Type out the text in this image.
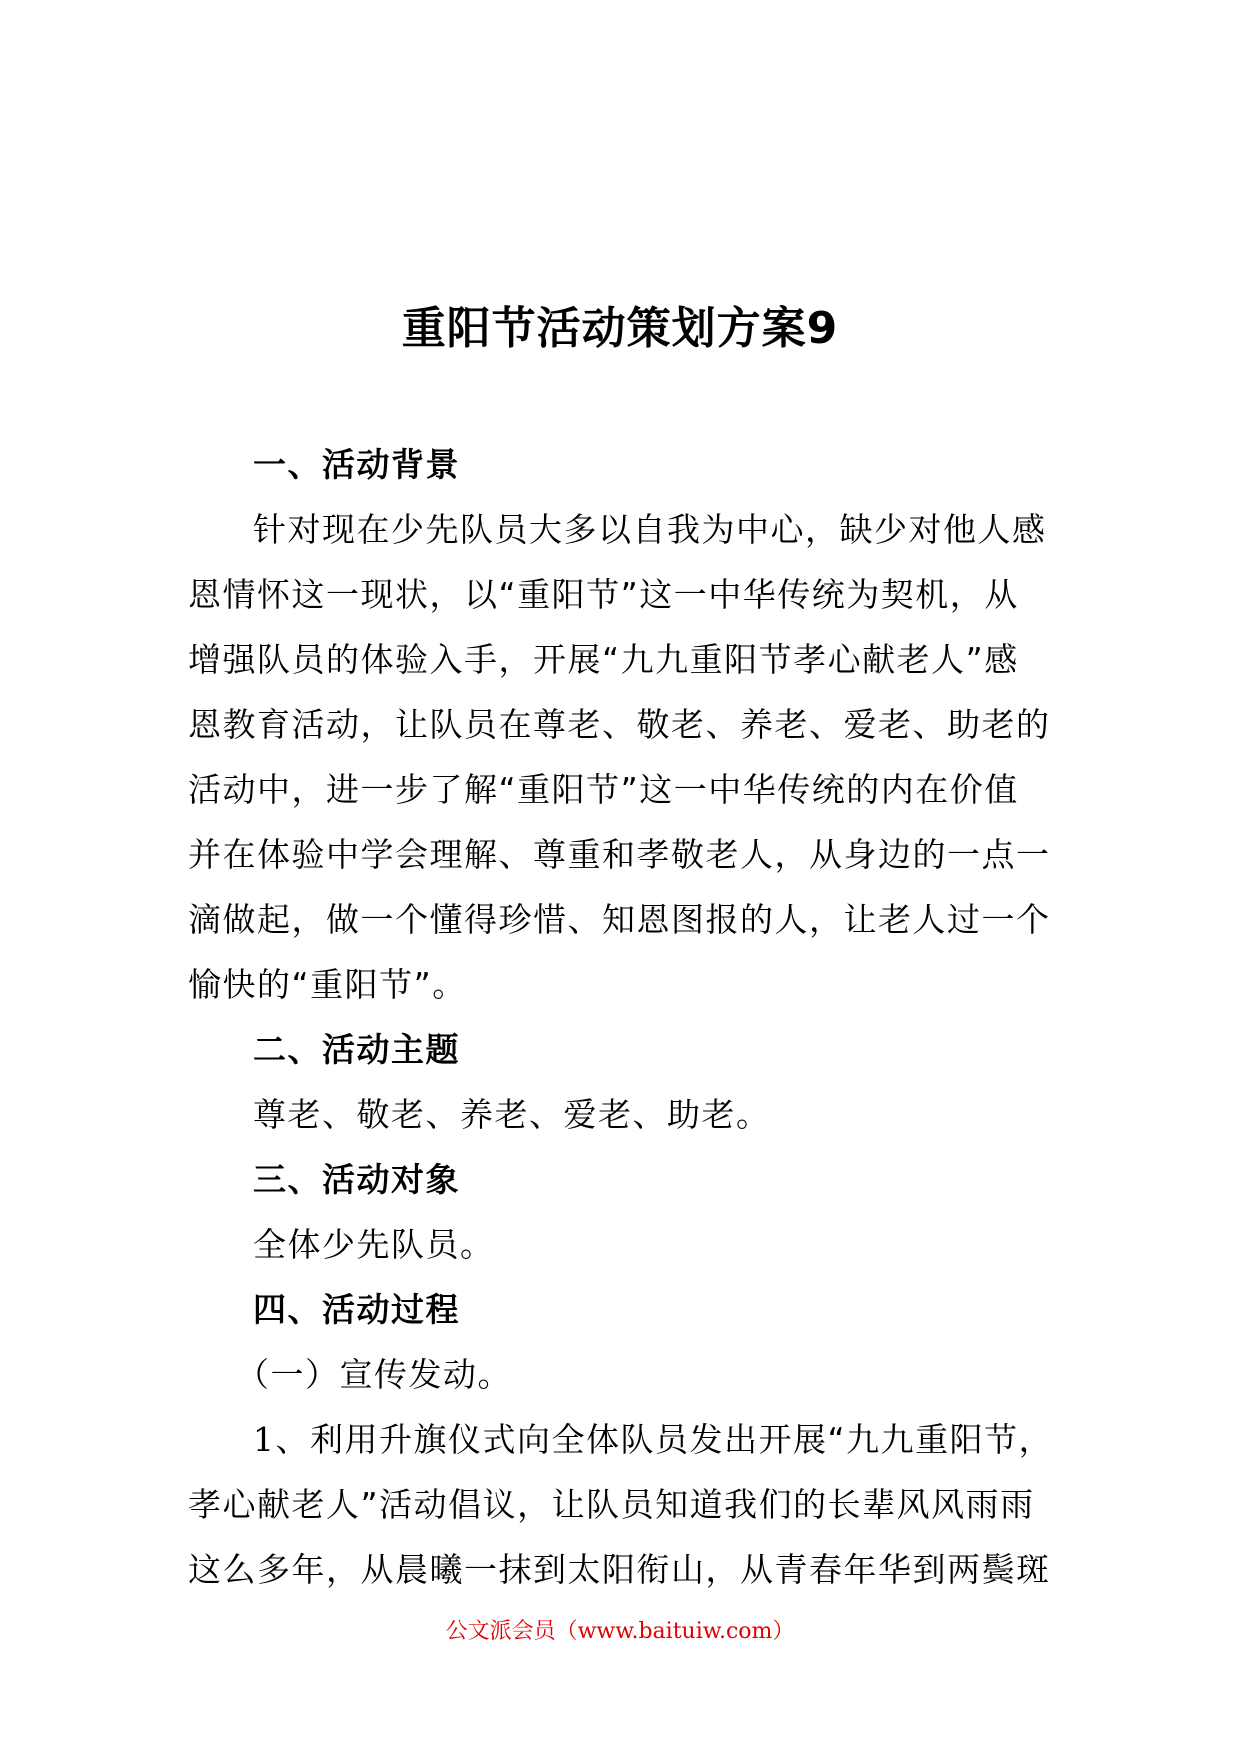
重阳节活动策划方案9
一、活动背景
针对现在少先队员大多以自我为中心，缺少对他人感
恩情怀这一现状，以“重阳节”这一中华传统为契机，从
增强队员的体验入手，开展“九九重阳节孝心献老人”感
恩教育活动，让队员在尊老、敬老、养老、爱老、助老的
活动中，进一步了解“重阳节”这一中华传统的内在价值
并在体验中学会理解、尊重和孝敬老人，从身边的一点一
滴做起，做一个懂得珍惜、知恩图报的人，让老人过一个
愉快的“重阳节”。
二、活动主题
尊老、敬老、养老、爱老、助老。
三、活动对象
全体少先队员。
四、活动过程
（一）宣传发动。
1、利用升旗仪式向全体队员发出开展“九九重阳节，
孝心献老人”活动倡议，让队员知道我们的长辈风风雨雨
这么多年，从晨曦一抹到太阳衔山，从青春年华到两鬓斑
公文派会员（www.baituiw.com）
